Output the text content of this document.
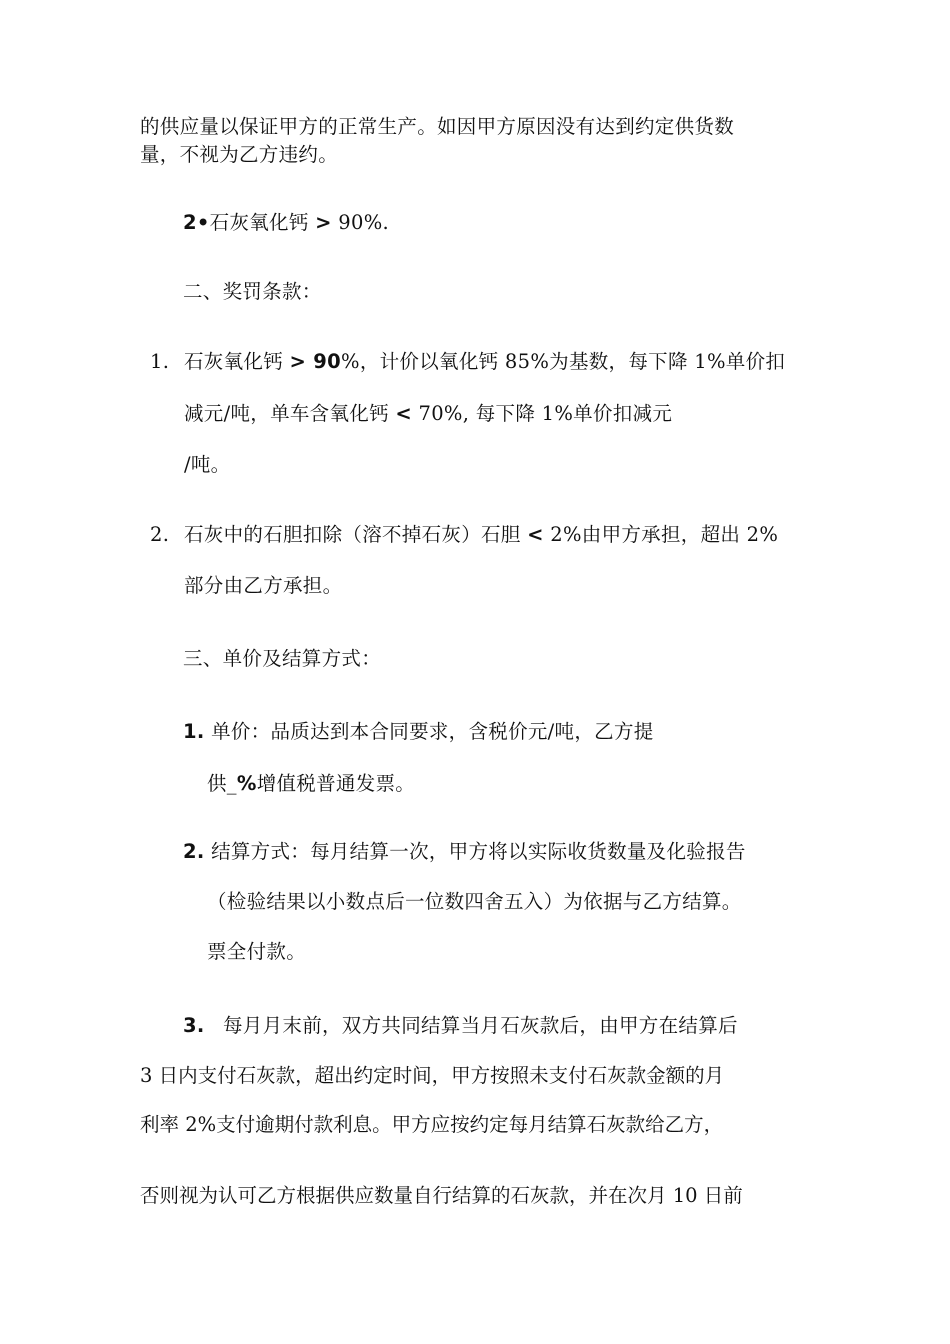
的供应量以保证甲方的正常生产。如因甲方原因没有达到约定供货数
量，不视为乙方违约。
2•石灰氧化钙 > 90%.
二、奖罚条款：
1. 石灰氧化钙 > 90%，计价以氧化钙 85%为基数，每下降 1%单价扣
减元/吨，单车含氧化钙 < 70%, 每下降 1%单价扣减元
/吨。
2. 石灰中的石胆扣除（溶不掉石灰）石胆 < 2%由甲方承担，超出 2%
部分由乙方承担。
三、单价及结算方式：
1. 单价：品质达到本合同要求，含税价元/吨，乙方提
供_%增值税普通发票。
2. 结算方式：每月结算一次，甲方将以实际收货数量及化验报告
（检验结果以小数点后一位数四舍五入）为依据与乙方结算。
票全付款。
3. 每月月末前，双方共同结算当月石灰款后，由甲方在结算后
3 日内支付石灰款，超出约定时间，甲方按照未支付石灰款金额的月
利率 2%支付逾期付款利息。甲方应按约定每月结算石灰款给乙方，
否则视为认可乙方根据供应数量自行结算的石灰款，并在次月 10 日前
